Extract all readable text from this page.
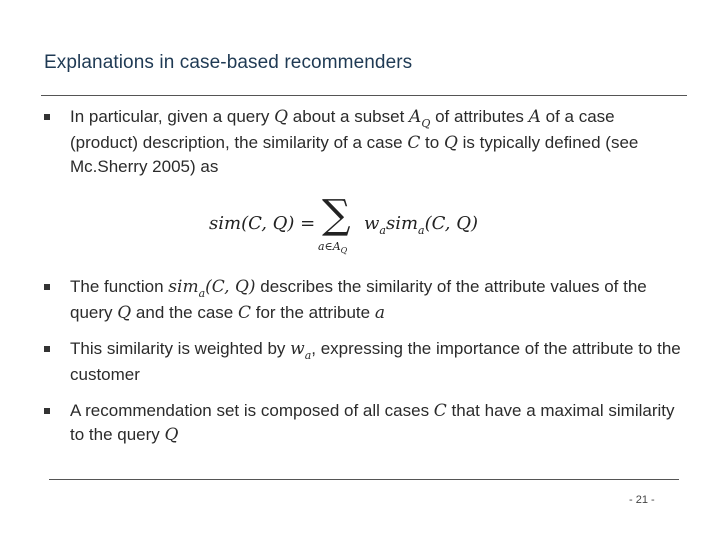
Explanations in case-based recommenders
In particular, given a query Q about a subset $A_Q$ of attributes A of a case (product) description, the similarity of a case C to Q is typically defined (see Mc.Sherry 2005) as
sim(C, Q) = ∑
$a\in A_Q$
$w_asim_a(C$, Q)
The function sim$_a$(C, Q) describes the similarity of the attribute values of the query Q and the case C for the attribute a
This similarity is weighted by $w_a$, expressing the importance of the attribute to the customer
A recommendation set is composed of all cases C that have a maximal similarity to the query Q
- 21 -
